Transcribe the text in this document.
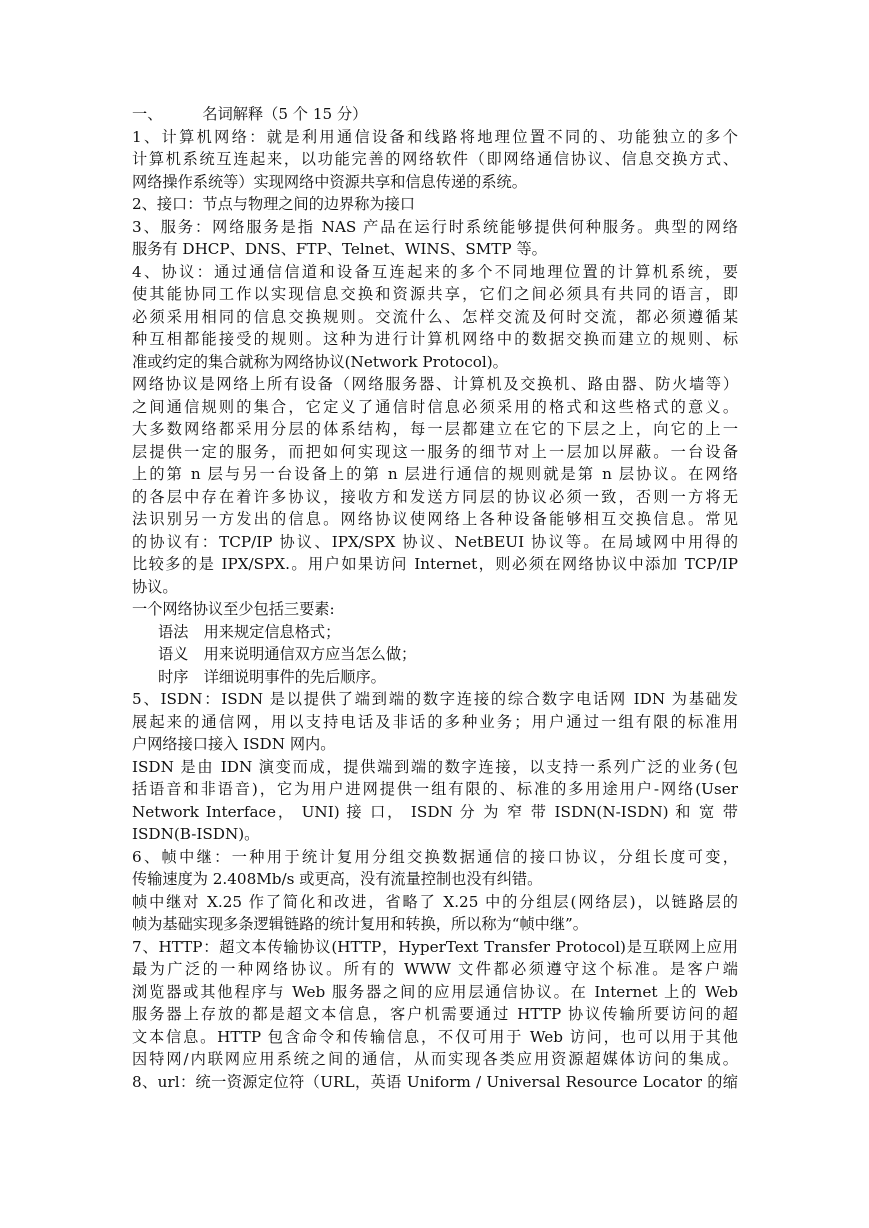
一、	名词解释（5 个 15 分）
1、计算机网络：就是利用通信设备和线路将地理位置不同的、功能独立的多个
计算机系统互连起来，以功能完善的网络软件（即网络通信协议、信息交换方式、
网络操作系统等）实现网络中资源共享和信息传递的系统。
2、接口：节点与物理之间的边界称为接口
3、服务：网络服务是指 NAS 产品在运行时系统能够提供何种服务。典型的网络
服务有 DHCP、DNS、FTP、Telnet、WINS、SMTP 等。
4、协议：通过通信信道和设备互连起来的多个不同地理位置的计算机系统，要
使其能协同工作以实现信息交换和资源共享，它们之间必须具有共同的语言，即
必须采用相同的信息交换规则。交流什么、怎样交流及何时交流，都必须遵循某
种互相都能接受的规则。这种为进行计算机网络中的数据交换而建立的规则、标
准或约定的集合就称为网络协议(Network Protocol)。
网络协议是网络上所有设备（网络服务器、计算机及交换机、路由器、防火墙等）
之间通信规则的集合，它定义了通信时信息必须采用的格式和这些格式的意义。
大多数网络都采用分层的体系结构，每一层都建立在它的下层之上，向它的上一
层提供一定的服务，而把如何实现这一服务的细节对上一层加以屏蔽。一台设备
上的第 n 层与另一台设备上的第 n 层进行通信的规则就是第 n 层协议。在网络
的各层中存在着许多协议，接收方和发送方同层的协议必须一致，否则一方将无
法识别另一方发出的信息。网络协议使网络上各种设备能够相互交换信息。常见
的协议有：TCP/IP 协议、IPX/SPX 协议、NetBEUI 协议等。在局域网中用得的
比较多的是 IPX/SPX.。用户如果访问 Internet，则必须在网络协议中添加 TCP/IP
协议。
一个网络协议至少包括三要素:
语法　用来规定信息格式；
语义　用来说明通信双方应当怎么做；
时序　详细说明事件的先后顺序。
5、ISDN：ISDN 是以提供了端到端的数字连接的综合数字电话网 IDN 为基础发
展起来的通信网，用以支持电话及非话的多种业务；用户通过一组有限的标准用
户网络接口接入 ISDN 网内。
ISDN 是由 IDN 演变而成，提供端到端的数字连接，以支持一系列广泛的业务(包
括语音和非语音)，它为用户进网提供一组有限的、标准的多用途用户-网络(User
Network Interface， UNI) 接 口， ISDN 分 为 窄 带 ISDN(N-ISDN) 和 宽 带
ISDN(B-ISDN)。
6、帧中继：一种用于统计复用分组交换数据通信的接口协议，分组长度可变，
传输速度为 2.408Mb/s 或更高，没有流量控制也没有纠错。
帧中继对 X.25 作了简化和改进，省略了 X.25 中的分组层(网络层)，以链路层的
帧为基础实现多条逻辑链路的统计复用和转换，所以称为“帧中继”。
7、HTTP：超文本传输协议(HTTP，HyperText Transfer Protocol)是互联网上应用
最为广泛的一种网络协议。所有的 WWW 文件都必须遵守这个标准。是客户端
浏览器或其他程序与 Web 服务器之间的应用层通信协议。在 Internet 上的 Web
服务器上存放的都是超文本信息，客户机需要通过 HTTP 协议传输所要访问的超
文本信息。HTTP 包含命令和传输信息，不仅可用于 Web 访问，也可以用于其他
因特网/内联网应用系统之间的通信，从而实现各类应用资源超媒体访问的集成。
8、url：统一资源定位符（URL，英语 Uniform / Universal Resource Locator 的缩
